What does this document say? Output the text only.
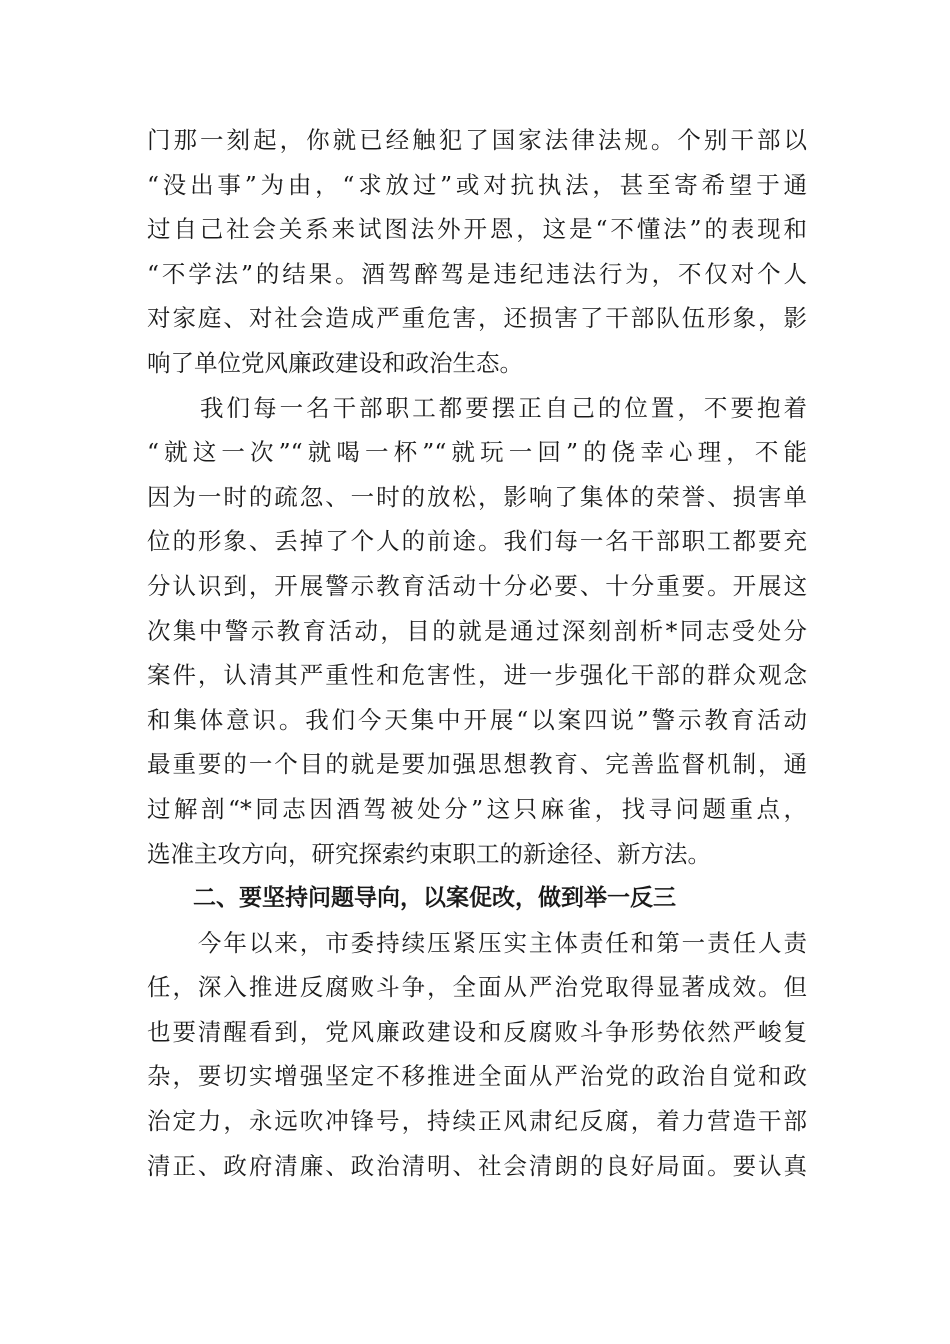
门那一刻起，你就已经触犯了国家法律法规。个别干部以
“没出事”为由，“求放过”或对抗执法，甚至寄希望于通
过自己社会关系来试图法外开恩，这是“不懂法”的表现和
“不学法”的结果。酒驾醉驾是违纪违法行为，不仅对个人
对家庭、对社会造成严重危害，还损害了干部队伍形象，影
响了单位党风廉政建设和政治生态。
　　我们每一名干部职工都要摆正自己的位置，不要抱着
“就这一次”“就喝一杯”“就玩一回”的侥幸心理，不能
因为一时的疏忽、一时的放松，影响了集体的荣誉、损害单
位的形象、丢掉了个人的前途。我们每一名干部职工都要充
分认识到，开展警示教育活动十分必要、十分重要。开展这
次集中警示教育活动，目的就是通过深刻剖析*同志受处分
案件，认清其严重性和危害性，进一步强化干部的群众观念
和集体意识。我们今天集中开展“以案四说”警示教育活动
最重要的一个目的就是要加强思想教育、完善监督机制，通
过解剖“*同志因酒驾被处分”这只麻雀，找寻问题重点，
选准主攻方向，研究探索约束职工的新途径、新方法。
　　二、要坚持问题导向，以案促改，做到举一反三
　　今年以来，市委持续压紧压实主体责任和第一责任人责
任，深入推进反腐败斗争，全面从严治党取得显著成效。但
也要清醒看到，党风廉政建设和反腐败斗争形势依然严峻复
杂，要切实增强坚定不移推进全面从严治党的政治自觉和政
治定力，永远吹冲锋号，持续正风肃纪反腐，着力营造干部
清正、政府清廉、政治清明、社会清朗的良好局面。要认真
